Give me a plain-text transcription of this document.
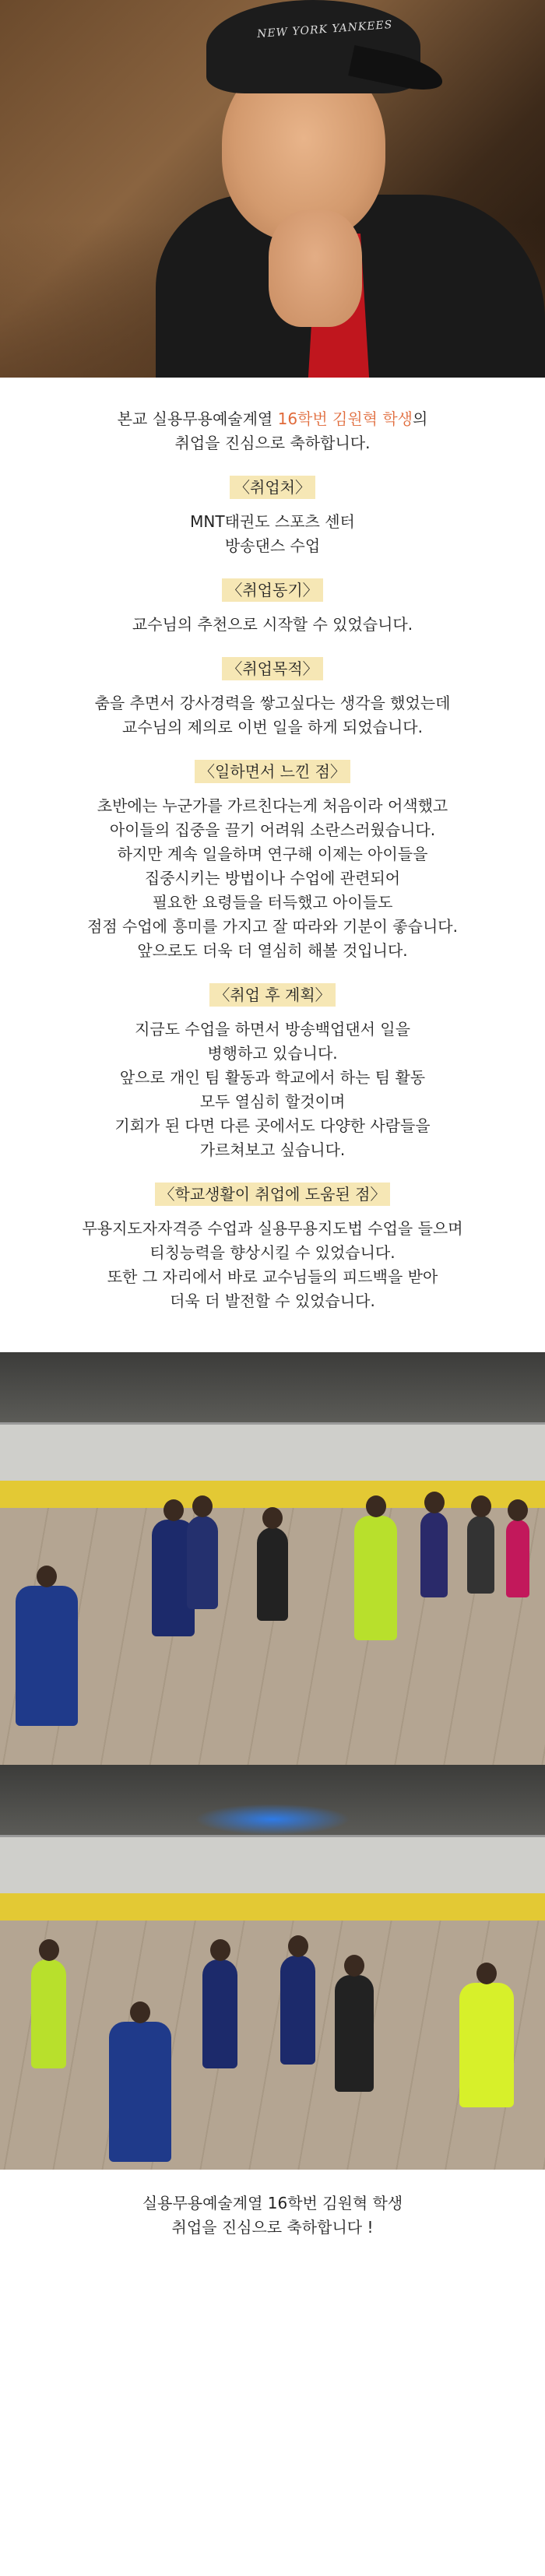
NEW YORK YANKEES

본교 실용무용예술계열 16학번 김원혁 학생의
취업을 진심으로 축하합니다.

〈취업처〉

MNT태권도 스포츠 센터
방송댄스 수업

〈취업동기〉

교수님의 추천으로 시작할 수 있었습니다.

〈취업목적〉

춤을 추면서 강사경력을 쌓고싶다는 생각을 했었는데
교수님의 제의로 이번 일을 하게 되었습니다.

〈일하면서 느낀 점〉

초반에는 누군가를 가르친다는게 처음이라 어색했고
아이들의 집중을 끌기 어려워 소란스러웠습니다.
하지만 계속 일을하며 연구해 이제는 아이들을
집중시키는 방법이나 수업에 관련되어
필요한 요령들을 터득했고 아이들도
점점 수업에 흥미를 가지고 잘 따라와 기분이 좋습니다.
앞으로도 더욱 더 열심히 해볼 것입니다.

〈취업 후 계획〉

지금도 수업을 하면서 방송백업댄서 일을
병행하고 있습니다.
앞으로 개인 팀 활동과 학교에서 하는 팀 활동
모두 열심히 할것이며
기회가 된 다면 다른 곳에서도 다양한 사람들을
가르쳐보고 싶습니다.

〈학교생활이 취업에 도움된 점〉

무용지도자자격증 수업과 실용무용지도법 수업을 들으며
티칭능력을 향상시킬 수 있었습니다.
또한 그 자리에서 바로 교수님들의 피드백을 받아
더욱 더 발전할 수 있었습니다.

실용무용예술계열 16학번 김원혁 학생
취업을 진심으로 축하합니다 !
